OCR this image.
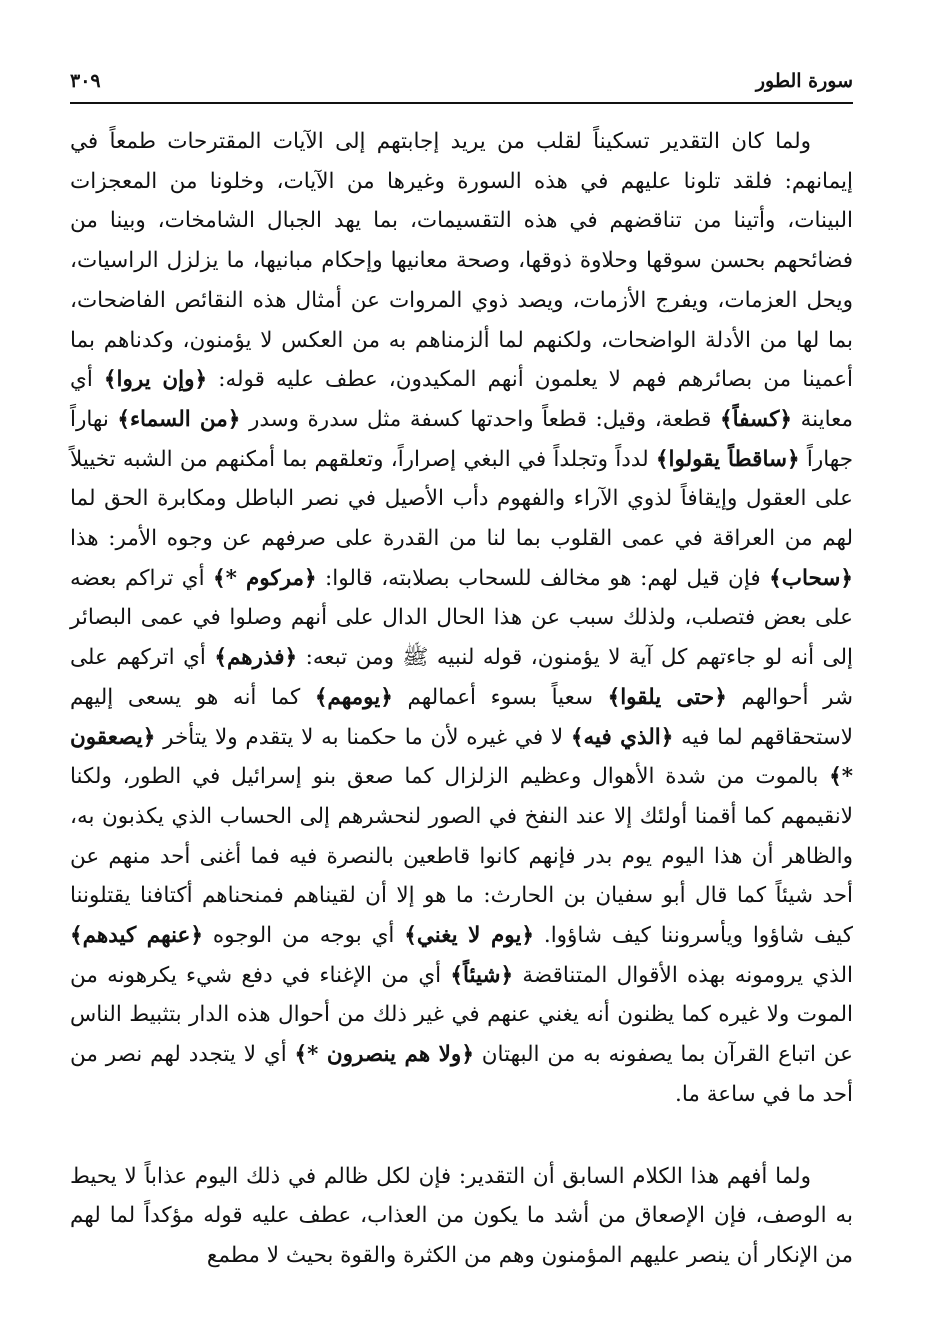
سورة الطور
٣٠٩

ولما كان التقدير تسكيناً لقلب من يريد إجابتهم إلى الآيات المقترحات طمعاً في إيمانهم: فلقد تلونا عليهم في هذه السورة وغيرها من الآيات، وخلونا من المعجزات البينات، وأتينا من تناقضهم في هذه التقسيمات، بما يهد الجبال الشامخات، وبينا من فضائحهم بحسن سوقها وحلاوة ذوقها، وصحة معانيها وإحكام مبانيها، ما يزلزل الراسيات، ويحل العزمات، ويفرج الأزمات، ويصد ذوي المروات عن أمثال هذه النقائص الفاضحات، بما لها من الأدلة الواضحات، ولكنهم لما ألزمناهم به من العكس لا يؤمنون، وكدناهم بما أعمينا من بصائرهم فهم لا يعلمون أنهم المكيدون، عطف عليه قوله: ﴿وإن يروا﴾ أي معاينة ﴿كسفاً﴾ قطعة، وقيل: قطعاً واحدتها كسفة مثل سدرة وسدر ﴿من السماء﴾ نهاراً جهاراً ﴿ساقطاً يقولوا﴾ لدداً وتجلداً في البغي إصراراً، وتعلقهم بما أمكنهم من الشبه تخييلاً على العقول وإيقافاً لذوي الآراء والفهوم دأب الأصيل في نصر الباطل ومكابرة الحق لما لهم من العراقة في عمى القلوب بما لنا من القدرة على صرفهم عن وجوه الأمر: هذا ﴿سحاب﴾ فإن قيل لهم: هو مخالف للسحاب بصلابته، قالوا: ﴿مركوم *﴾ أي تراكم بعضه على بعض فتصلب، ولذلك سبب عن هذا الحال الدال على أنهم وصلوا في عمى البصائر إلى أنه لو جاءتهم كل آية لا يؤمنون، قوله لنبيه ﷺ ومن تبعه: ﴿فذرهم﴾ أي اتركهم على شر أحوالهم ﴿حتى يلقوا﴾ سعياً بسوء أعمالهم ﴿يومهم﴾ كما أنه هو يسعى إليهم لاستحقاقهم لما فيه ﴿الذي فيه﴾ لا في غيره لأن ما حكمنا به لا يتقدم ولا يتأخر ﴿يصعقون *﴾ بالموت من شدة الأهوال وعظيم الزلزال كما صعق بنو إسرائيل في الطور، ولكنا لانقيمهم كما أقمنا أولئك إلا عند النفخ في الصور لنحشرهم إلى الحساب الذي يكذبون به، والظاهر أن هذا اليوم يوم بدر فإنهم كانوا قاطعين بالنصرة فيه فما أغنى أحد منهم عن أحد شيئاً كما قال أبو سفيان بن الحارث: ما هو إلا أن لقيناهم فمنحناهم أكتافنا يقتلوننا كيف شاؤوا ويأسروننا كيف شاؤوا. ﴿يوم لا يغني﴾ أي بوجه من الوجوه ﴿عنهم كيدهم﴾ الذي يرومونه بهذه الأقوال المتناقضة ﴿شيئاً﴾ أي من الإغناء في دفع شيء يكرهونه من الموت ولا غيره كما يظنون أنه يغني عنهم في غير ذلك من أحوال هذه الدار بتثبيط الناس عن اتباع القرآن بما يصفونه به من البهتان ﴿ولا هم ينصرون *﴾ أي لا يتجدد لهم نصر من أحد ما في ساعة ما.

ولما أفهم هذا الكلام السابق أن التقدير: فإن لكل ظالم في ذلك اليوم عذاباً لا يحيط به الوصف، فإن الإصعاق من أشد ما يكون من العذاب، عطف عليه قوله مؤكداً لما لهم من الإنكار أن ينصر عليهم المؤمنون وهم من الكثرة والقوة بحيث لا مطمع
